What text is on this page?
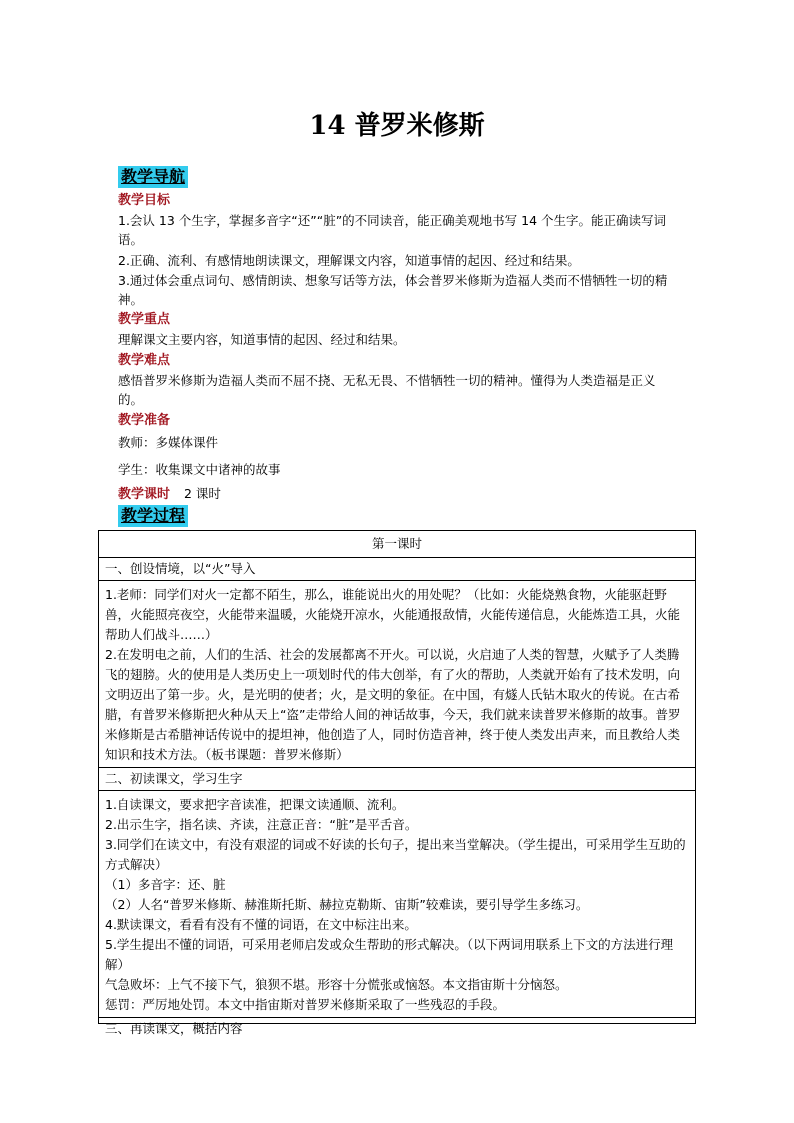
14 普罗米修斯
教学导航
教学目标

1.会认 13 个生字，掌握多音字“还”“脏”的不同读音，能正确美观地书写 14 个生字。能正确读写词语。

2.正确、流利、有感情地朗读课文，理解课文内容，知道事情的起因、经过和结果。

3.通过体会重点词句、感情朗读、想象写话等方法，体会普罗米修斯为造福人类而不惜牺牲一切的精神。

教学重点

理解课文主要内容，知道事情的起因、经过和结果。

教学难点

感悟普罗米修斯为造福人类而不屈不挠、无私无畏、不惜牺牲一切的精神。懂得为人类造福是正义的。

教学准备
教师：多媒体课件
学生：收集课文中诸神的故事
教学课时 2 课时
教学过程
第一课时
一、创设情境，以“火”导入

1.老师：同学们对火一定都不陌生，那么，谁能说出火的用处呢？（比如：火能烧熟食物，火能驱赶野兽，火能照亮夜空，火能带来温暖，火能烧开凉水，火能通报敌情，火能传递信息，火能炼造工具，火能帮助人们战斗……）

2.在发明电之前，人们的生活、社会的发展都离不开火。可以说，火启迪了人类的智慧，火赋予了人类腾飞的翅膀。火的使用是人类历史上一项划时代的伟大创举，有了火的帮助，人类就开始有了技术发明，向文明迈出了第一步。火，是光明的使者；火，是文明的象征。在中国，有燧人氏钻木取火的传说。在古希腊，有普罗米修斯把火种从天上“盗”走带给人间的神话故事，今天，我们就来读普罗米修斯的故事。普罗米修斯是古希腊神话传说中的提坦神，他创造了人，同时仿造音神，终于使人类发出声来，而且教给人类知识和技术方法。（板书课题：普罗米修斯）

二、初读课文，学习生字

1.自读课文，要求把字音读准，把课文读通顺、流利。

2.出示生字，指名读、齐读，注意正音：“脏”是平舌音。

3.同学们在读文中，有没有艰涩的词或不好读的长句子，提出来当堂解决。（学生提出，可采用学生互助的方式解决）

（1）多音字：还、脏

（2）人名“普罗米修斯、赫淮斯托斯、赫拉克勒斯、宙斯”较难读，要引导学生多练习。

4.默读课文，看看有没有不懂的词语，在文中标注出来。

5.学生提出不懂的词语，可采用老师启发或众生帮助的形式解决。（以下两词用联系上下文的方法进行理解）

气急败坏：上气不接下气，狼狈不堪。形容十分慌张或恼怒。本文指宙斯十分恼怒。

惩罚：严厉地处罚。本文中指宙斯对普罗米修斯采取了一些残忍的手段。

三、再读课文，概括内容
